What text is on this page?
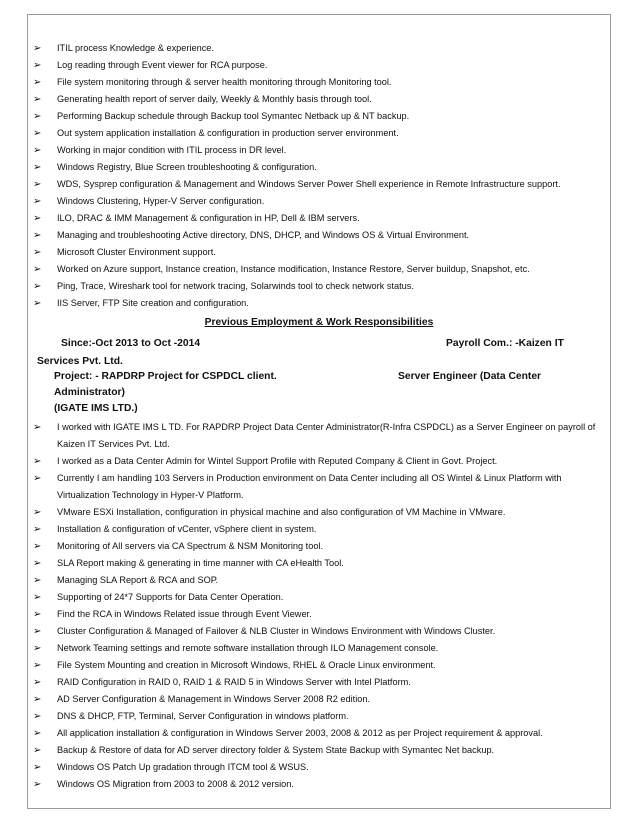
➢ ITIL process Knowledge & experience.
➢ Log reading through Event viewer for RCA purpose.
➢ File system monitoring through & server health monitoring through Monitoring tool.
➢ Generating health report of server daily, Weekly & Monthly basis through tool.
➢ Performing Backup schedule through Backup tool Symantec Netback up & NT backup.
➢ Out system application installation & configuration in production server environment.
➢ Working in major condition with ITIL process in DR level.
➢ Windows Registry, Blue Screen troubleshooting & configuration.
➢ WDS, Sysprep configuration & Management and Windows Server Power Shell experience in Remote Infrastructure support.
➢ Windows Clustering, Hyper-V Server configuration.
➢ ILO, DRAC & IMM Management & configuration in HP, Dell & IBM servers.
➢ Managing and troubleshooting Active directory, DNS, DHCP, and Windows OS & Virtual Environment.
➢ Microsoft Cluster Environment support.
➢ Worked on Azure support, Instance creation, Instance modification, Instance Restore, Server buildup, Snapshot, etc.
➢ Ping, Trace, Wireshark tool for network tracing, Solarwinds tool to check network status.
➢ IIS Server, FTP Site creation and configuration.
Previous Employment & Work Responsibilities
Since:-Oct 2013 to Oct -2014	Payroll Com.: -Kaizen IT
Services Pvt. Ltd.
Project: - RAPDRP Project for CSPDCL client.	Server Engineer (Data Center
Administrator)
(IGATE IMS LTD.)
➢ I worked with IGATE IMS L TD. For RAPDRP Project Data Center Administrator(R-Infra CSPDCL) as a Server Engineer on payroll of Kaizen IT Services Pvt. Ltd.
➢ I worked as a Data Center Admin for Wintel Support Profile with Reputed Company & Client in Govt. Project.
➢ Currently I am handling 103 Servers in Production environment on Data Center including all OS Wintel & Linux Platform with Virtualization Technology in Hyper-V Platform.
➢ VMware ESXi Installation, configuration in physical machine and also configuration of VM Machine in VMware.
➢ Installation & configuration of vCenter, vSphere client in system.
➢ Monitoring of All servers via CA Spectrum & NSM Monitoring tool.
➢ SLA Report making & generating in time manner with CA eHealth Tool.
➢ Managing SLA Report & RCA and SOP.
➢ Supporting of 24*7 Supports for Data Center Operation.
➢ Find the RCA in Windows Related issue through Event Viewer.
➢ Cluster Configuration & Managed of Failover & NLB Cluster in Windows Environment with Windows Cluster.
➢ Network Teaming settings and remote software installation through ILO Management console.
➢ File System Mounting and creation in Microsoft Windows, RHEL & Oracle Linux environment.
➢ RAID Configuration in RAID 0, RAID 1 & RAID 5 in Windows Server with Intel Platform.
➢ AD Server Configuration & Management in Windows Server 2008 R2 edition.
➢ DNS & DHCP, FTP, Terminal, Server Configuration in windows platform.
➢ All application installation & configuration in Windows Server 2003, 2008 & 2012 as per Project requirement & approval.
➢ Backup & Restore of data for AD server directory folder & System State Backup with Symantec Net backup.
➢ Windows OS Patch Up gradation through ITCM tool & WSUS.
➢ Windows OS Migration from 2003 to 2008 & 2012 version.
